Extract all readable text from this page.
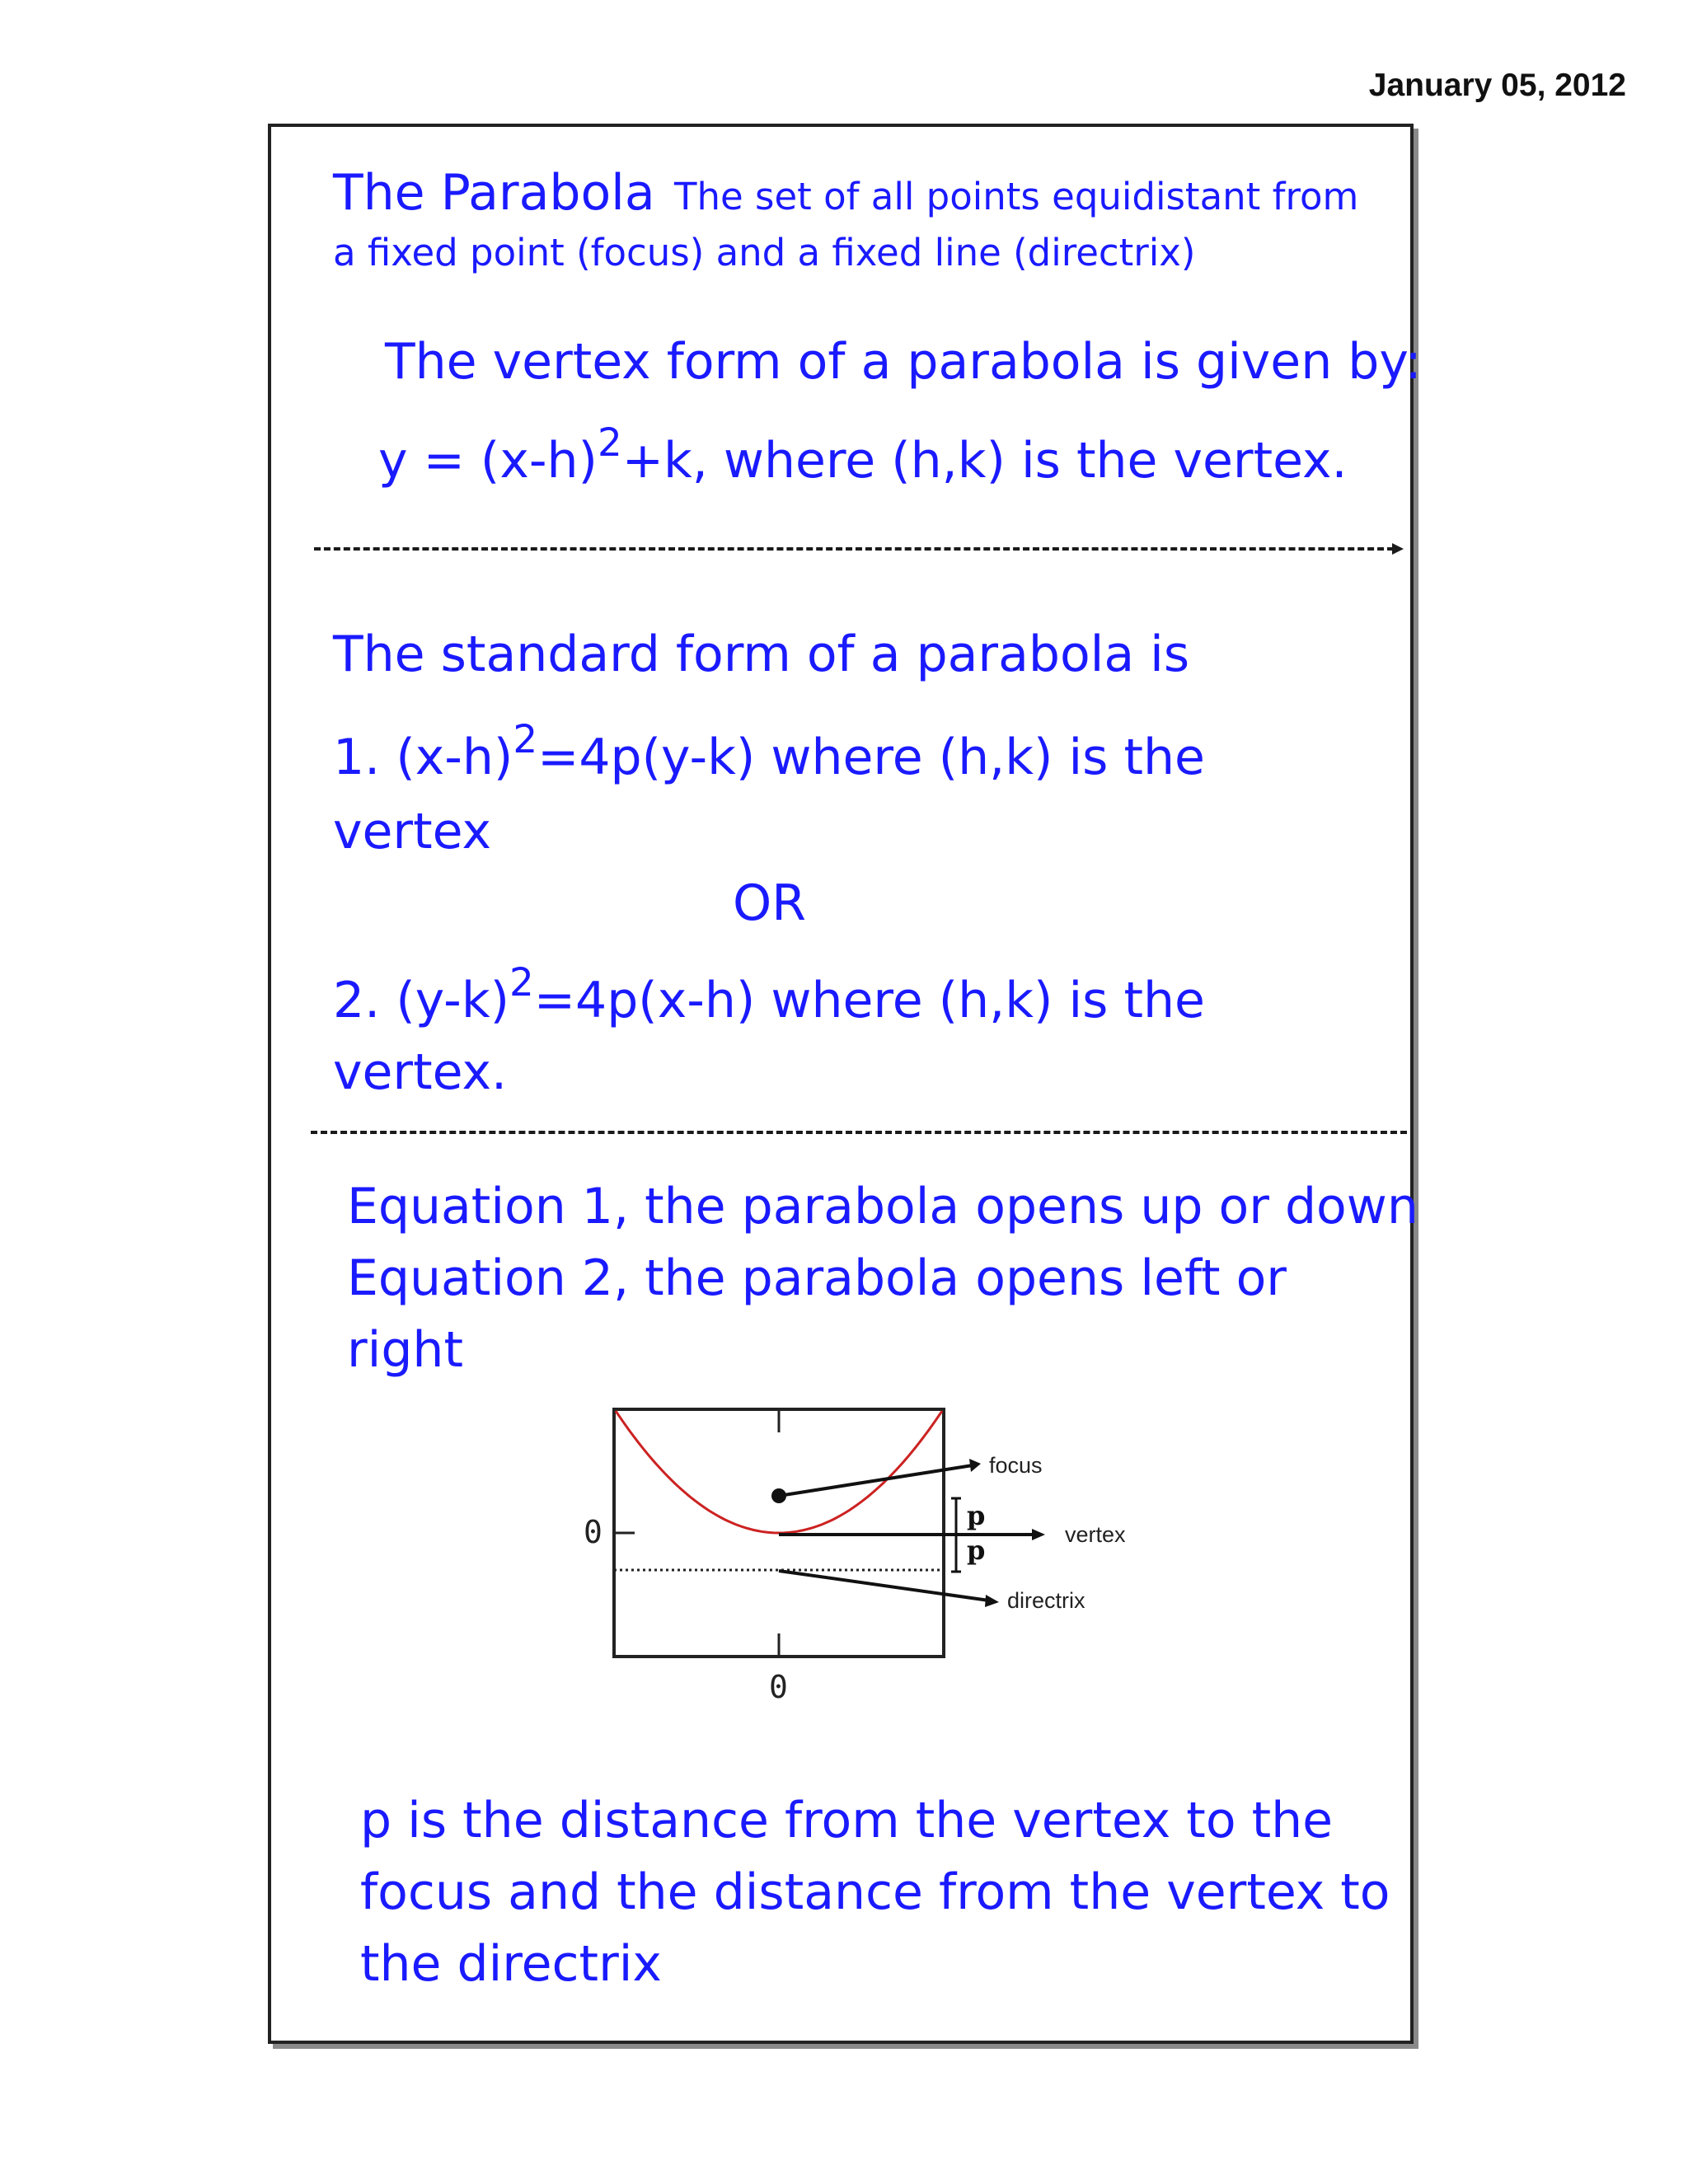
January 05, 2012
The Parabola The set of all points equidistant from
a fixed point (focus) and a fixed line (directrix)
The vertex form of a parabola is given by:
$y = (x-h)^2+k$, where (h,k) is the vertex.
The standard form of a parabola is
1. $(x-h)^2=4p(y-k)$ where (h,k) is the
vertex
OR
2. $(y-k)^2=4p(x-h)$ where (h,k) is the
vertex.
Equation 1, the parabola opens up or down
Equation 2, the parabola opens left or
right
p is the distance from the vertex to the
focus and the distance from the vertex to
the directrix
0
0
focus
vertex
directrix
p
p
